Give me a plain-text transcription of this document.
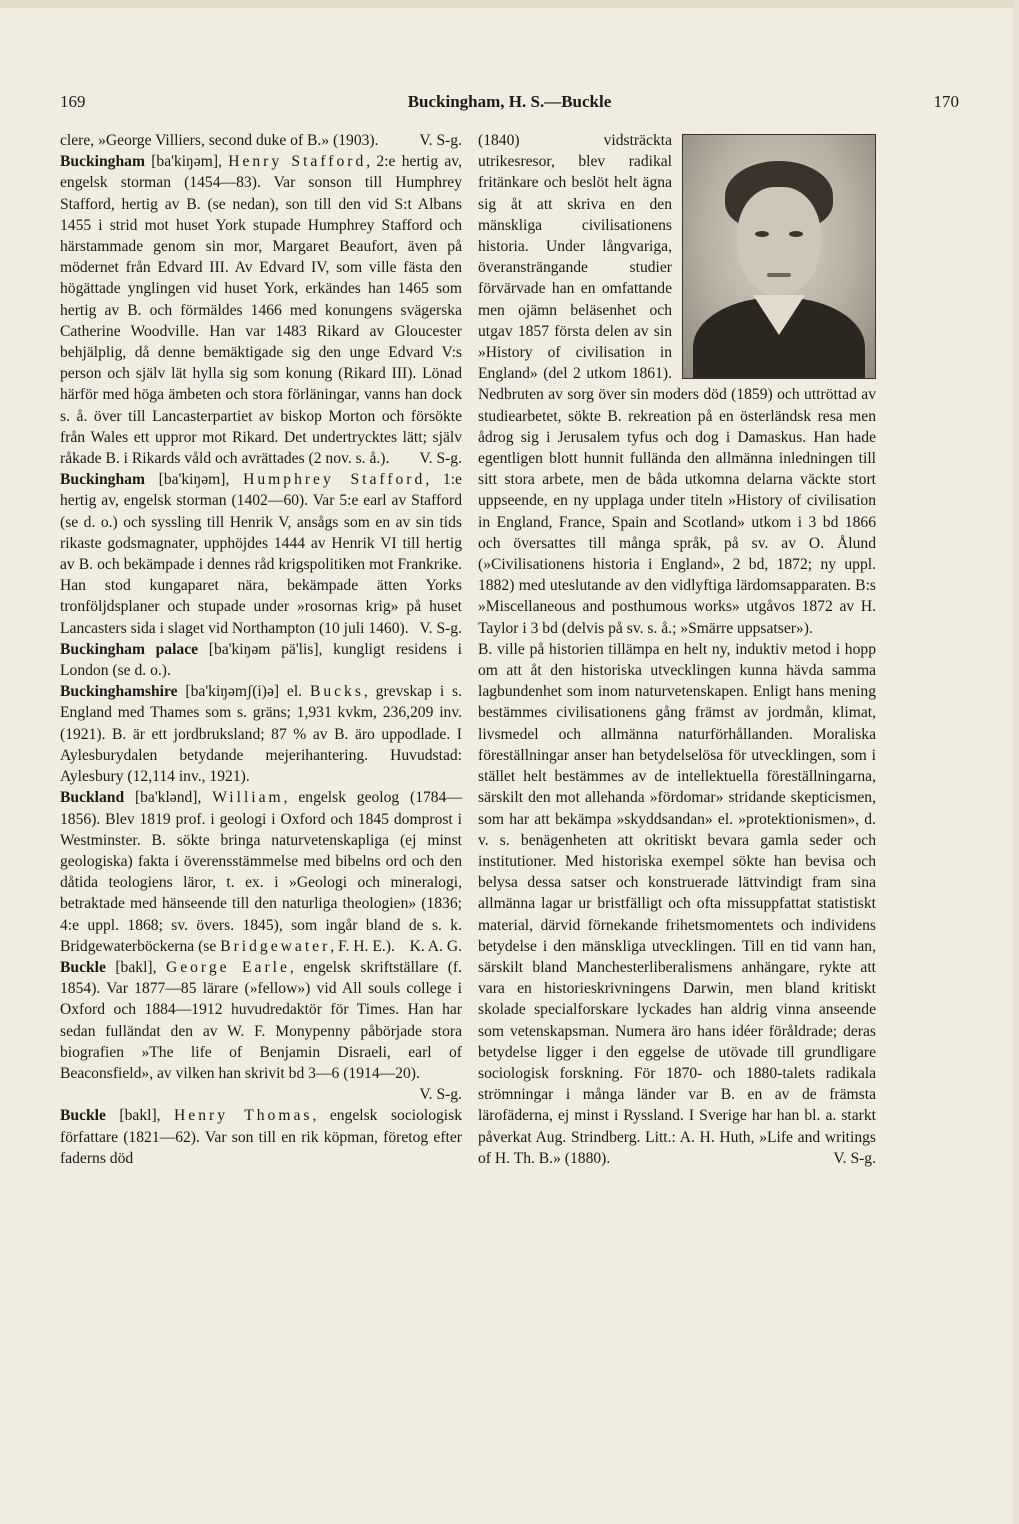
169	Buckingham, H. S.—Buckle	170

clere, »George Villiers, second duke of B.» (1903).	V. S-g.

Buckingham [ba'kiŋəm], Henry Stafford, 2:e hertig av, engelsk storman (1454—83). Var sonson till Humphrey Stafford, hertig av B. (se nedan), son till den vid S:t Albans 1455 i strid mot huset York stupade Humphrey Stafford och härstammade genom sin mor, Margaret Beaufort, även på mödernet från Edvard III. Av Edvard IV, som ville fästa den högättade ynglingen vid huset York, erkändes han 1465 som hertig av B. och förmäldes 1466 med konungens svägerska Catherine Woodville. Han var 1483 Rikard av Gloucester behjälplig, då denne bemäktigade sig den unge Edvard V:s person och själv lät hylla sig som konung (Rikard III). Lönad härför med höga ämbeten och stora förläningar, vanns han dock s. å. över till Lancasterpartiet av biskop Morton och försökte från Wales ett uppror mot Rikard. Det undertrycktes lätt; själv råkade B. i Rikards våld och avrättades (2 nov. s. å.). V. S-g.

Buckingham [ba'kiŋəm], Humphrey Stafford, 1:e hertig av, engelsk storman (1402—60). Var 5:e earl av Stafford (se d. o.) och syssling till Henrik V, ansågs som en av sin tids rikaste godsmagnater, upphöjdes 1444 av Henrik VI till hertig av B. och bekämpade i dennes råd krigspolitiken mot Frankrike. Han stod kungaparet nära, bekämpade ätten Yorks tronföljdsplaner och stupade under »rosornas krig» på huset Lancasters sida i slaget vid Northampton (10 juli 1460). V. S-g.

Buckingham palace [ba'kiŋəm pä'lis], kungligt residens i London (se d. o.).

Buckinghamshire [ba'kiŋəmʃ(i)ə] el. Bucks, grevskap i s. England med Thames som s. gräns; 1,931 kvkm, 236,209 inv. (1921). B. är ett jordbruksland; 87 % av B. äro uppodlade. I Aylesburydalen betydande mejerihantering. Huvudstad: Aylesbury (12,114 inv., 1921).

Buckland [ba'klənd], William, engelsk geolog (1784—1856). Blev 1819 prof. i geologi i Oxford och 1845 domprost i Westminster. B. sökte bringa naturvetenskapliga (ej minst geologiska) fakta i överensstämmelse med bibelns ord och den dåtida teologiens läror, t. ex. i »Geologi och mineralogi, betraktade med hänseende till den naturliga theologien» (1836; 4:e uppl. 1868; sv. övers. 1845), som ingår bland de s. k. Bridgewaterböckerna (se Bridgewater, F. H. E.). K. A. G.

Buckle [bakl], George Earle, engelsk skriftställare (f. 1854). Var 1877—85 lärare (»fellow») vid All souls college i Oxford och 1884—1912 huvudredaktör för Times. Han har sedan fulländat den av W. F. Monypenny påbörjade stora biografien »The life of Benjamin Disraeli, earl of Beaconsfield», av vilken han skrivit bd 3—6 (1914—20).
V. S-g.

Buckle [bakl], Henry Thomas, engelsk sociologisk författare (1821—62). Var son till en rik köpman, företog efter faderns död

(1840) vidsträckta utrikesresor, blev radikal fritänkare och beslöt helt ägna sig åt att skriva en den mänskliga civilisationens historia. Under långvariga, överansträngande studier förvärvade han en omfattande men ojämn beläsenhet och utgav 1857 första delen av sin »History of civilisation in England» (del 2 utkom 1861). Nedbruten av sorg över sin moders död (1859) och uttröttad av studiearbetet, sökte B. rekreation på en österländsk resa men ådrog sig i Jerusalem tyfus och dog i Damaskus. Han hade egentligen blott hunnit fullända den allmänna inledningen till sitt stora arbete, men de båda utkomna delarna väckte stort uppseende, en ny upplaga under titeln »History of civilisation in England, France, Spain and Scotland» utkom i 3 bd 1866 och översattes till många språk, på sv. av O. Ålund (»Civilisationens historia i England», 2 bd, 1872; ny uppl. 1882) med uteslutande av den vidlyftiga lärdomsapparaten. B:s »Miscellaneous and posthumous works» utgåvos 1872 av H. Taylor i 3 bd (delvis på sv. s. å.; »Smärre uppsatser»).

B. ville på historien tillämpa en helt ny, induktiv metod i hopp om att åt den historiska utvecklingen kunna hävda samma lagbundenhet som inom naturvetenskapen. Enligt hans mening bestämmes civilisationens gång främst av jordmån, klimat, livsmedel och allmänna naturförhållanden. Moraliska föreställningar anser han betydelselösa för utvecklingen, som i stället helt bestämmes av de intellektuella föreställningarna, särskilt den mot allehanda »fördomar» stridande skepticismen, som har att bekämpa »skyddsandan» el. »protektionismen», d. v. s. benägenheten att okritiskt bevara gamla seder och institutioner. Med historiska exempel sökte han bevisa och belysa dessa satser och konstruerade lättvindigt fram sina allmänna lagar ur bristfälligt och ofta missuppfattat statistiskt material, därvid förnekande frihetsmomentets och individens betydelse i den mänskliga utvecklingen. Till en tid vann han, särskilt bland Manchesterliberalismens anhängare, rykte att vara en historieskrivningens Darwin, men bland kritiskt skolade specialforskare lyckades han aldrig vinna anseende som vetenskapsman. Numera äro hans idéer föråldrade; deras betydelse ligger i den eggelse de utövade till grundligare sociologisk forskning. För 1870- och 1880-talets radikala strömningar i många länder var B. en av de främsta lärofäderna, ej minst i Ryssland. I Sverige har han bl. a. starkt påverkat Aug. Strindberg. Litt.: A. H. Huth, »Life and writings of H. Th. B.» (1880).	V. S-g.
